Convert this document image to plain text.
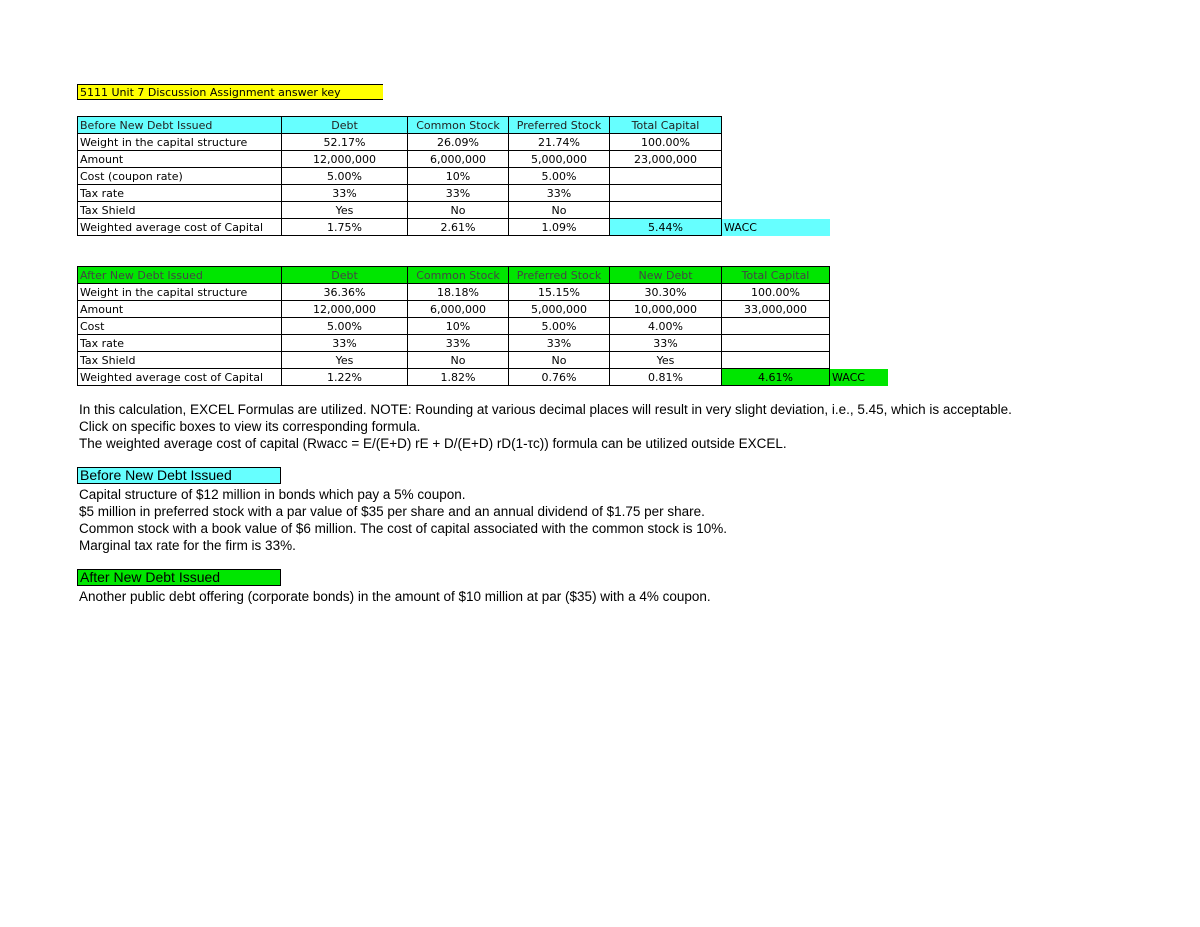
5111 Unit 7 Discussion Assignment answer key
Before New Debt Issued	Debt	Common Stock	Preferred Stock	Total Capital	
Weight in the capital structure	52.17%	26.09%	21.74%	100.00%	
Amount	12,000,000	6,000,000	5,000,000	23,000,000	
Cost (coupon rate)	5.00%	10%	5.00%		
Tax rate	33%	33%	33%		
Tax Shield	Yes	No	No		
Weighted average cost of Capital	1.75%	2.61%	1.09%	5.44%	WACC
After New Debt Issued	Debt	Common Stock	Preferred Stock	New Debt	Total Capital	
Weight in the capital structure	36.36%	18.18%	15.15%	30.30%	100.00%	
Amount	12,000,000	6,000,000	5,000,000	10,000,000	33,000,000	
Cost	5.00%	10%	5.00%	4.00%		
Tax rate	33%	33%	33%	33%		
Tax Shield	Yes	No	No	Yes		
Weighted average cost of Capital	1.22%	1.82%	0.76%	0.81%	4.61%	WACC
In this calculation, EXCEL Formulas are utilized. NOTE: Rounding at various decimal places will result in very slight deviation, i.e., 5.45, which is acceptable.
Click on specific boxes to view its corresponding formula.
The weighted average cost of capital (Rwacc = E/(E+D) rE + D/(E+D) rD(1-τc)) formula can be utilized outside EXCEL.
Before New Debt Issued
Capital structure of $12 million in bonds which pay a 5% coupon.
$5 million in preferred stock with a par value of $35 per share and an annual dividend of $1.75 per share.
Common stock with a book value of $6 million. The cost of capital associated with the common stock is 10%.
Marginal tax rate for the firm is 33%.
After New Debt Issued
Another public debt offering (corporate bonds) in the amount of $10 million at par ($35) with a 4% coupon.
